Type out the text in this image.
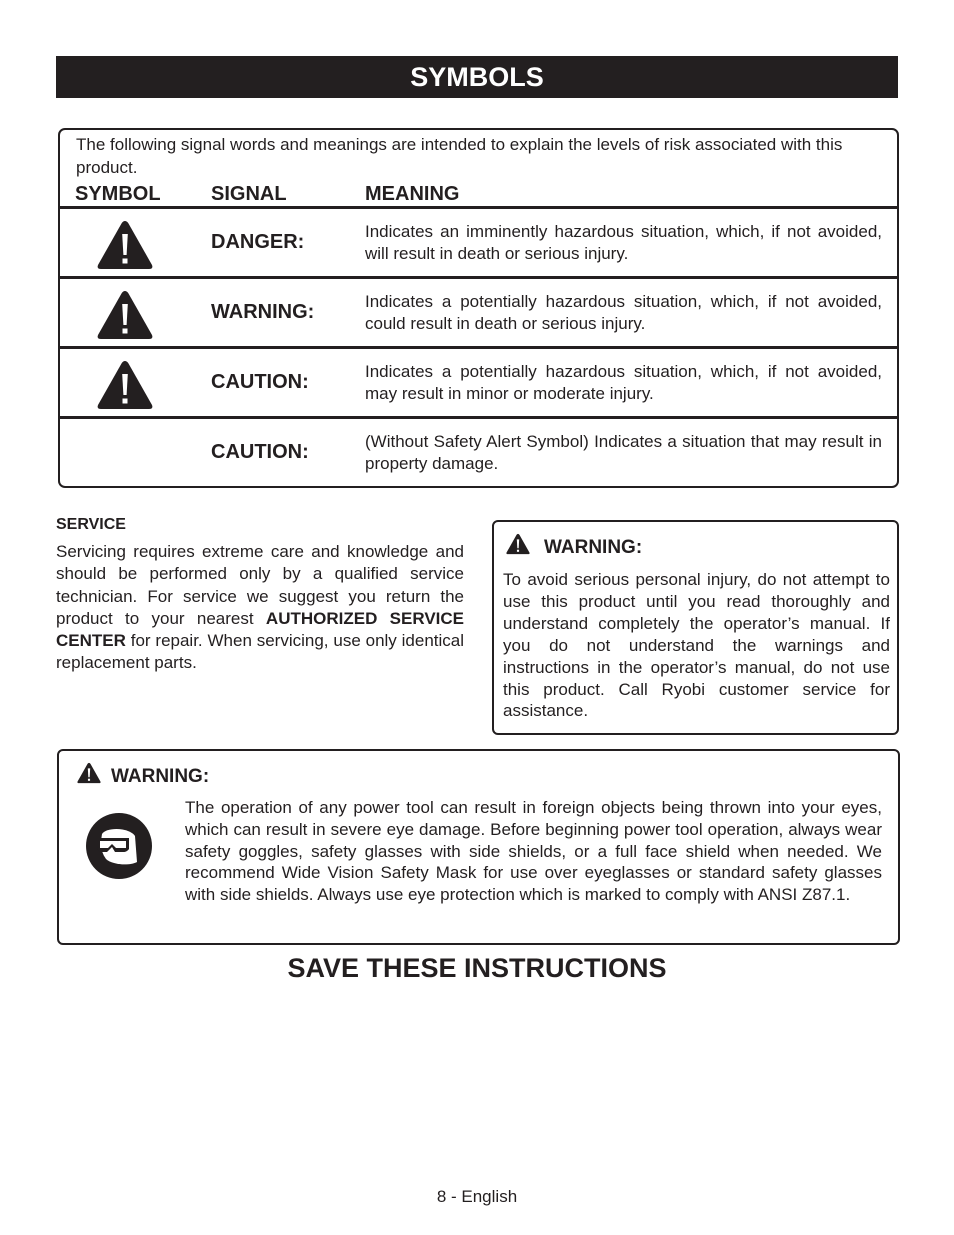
SYMBOLS
The following signal words and meanings are intended to explain the levels of risk associated with this product.
SYMBOL	SIGNAL	MEANING
DANGER:	Indicates an imminently hazardous situation, which, if not avoided, will result in death or serious injury.
WARNING:	Indicates a potentially hazardous situation, which, if not avoided, could result in death or serious injury.
CAUTION:	Indicates a potentially hazardous situation, which, if not avoided, may result in minor or moderate injury.
CAUTION:	(Without Safety Alert Symbol) Indicates a situation that may result in property damage.
SERVICE
Servicing requires extreme care and knowledge and should be performed only by a qualified service technician. For service we suggest you return the product to your nearest AUTHORIZED SERVICE CENTER for repair. When servicing, use only identical replacement parts.
WARNING:
To avoid serious personal injury, do not attempt to use this product until you read thoroughly and understand completely the operator’s manual. If you do not understand the warnings and instructions in the operator’s manual, do not use this product. Call Ryobi customer service for assistance.
WARNING:
The operation of any power tool can result in foreign objects being thrown into your eyes, which can result in severe eye damage. Before beginning power tool operation, always wear safety goggles, safety glasses with side shields, or a full face shield when needed. We recommend Wide Vision Safety Mask for use over eyeglasses or standard safety glasses with side shields. Always use eye protection which is marked to comply with ANSI Z87.1.
SAVE THESE INSTRUCTIONS
8 - English
